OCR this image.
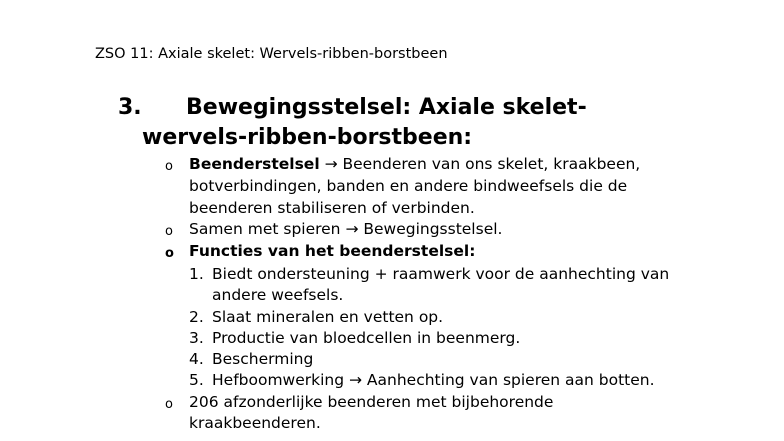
ZSO 11: Axiale skelet: Wervels-ribben-borstbeen
3. Bewegingsstelsel: Axiale skelet-
wervels-ribben-borstbeen:
o Beenderstelsel → Beenderen van ons skelet, kraakbeen,
botverbindingen, banden en andere bindweefsels die de
beenderen stabiliseren of verbinden.
o Samen met spieren → Bewegingsstelsel.
o Functies van het beenderstelsel:
1. Biedt ondersteuning + raamwerk voor de aanhechting van
andere weefsels.
2. Slaat mineralen en vetten op.
3. Productie van bloedcellen in beenmerg.
4. Bescherming
5. Hefboomwerking → Aanhechting van spieren aan botten.
o 206 afzonderlijke beenderen met bijbehorende
kraakbeenderen.
